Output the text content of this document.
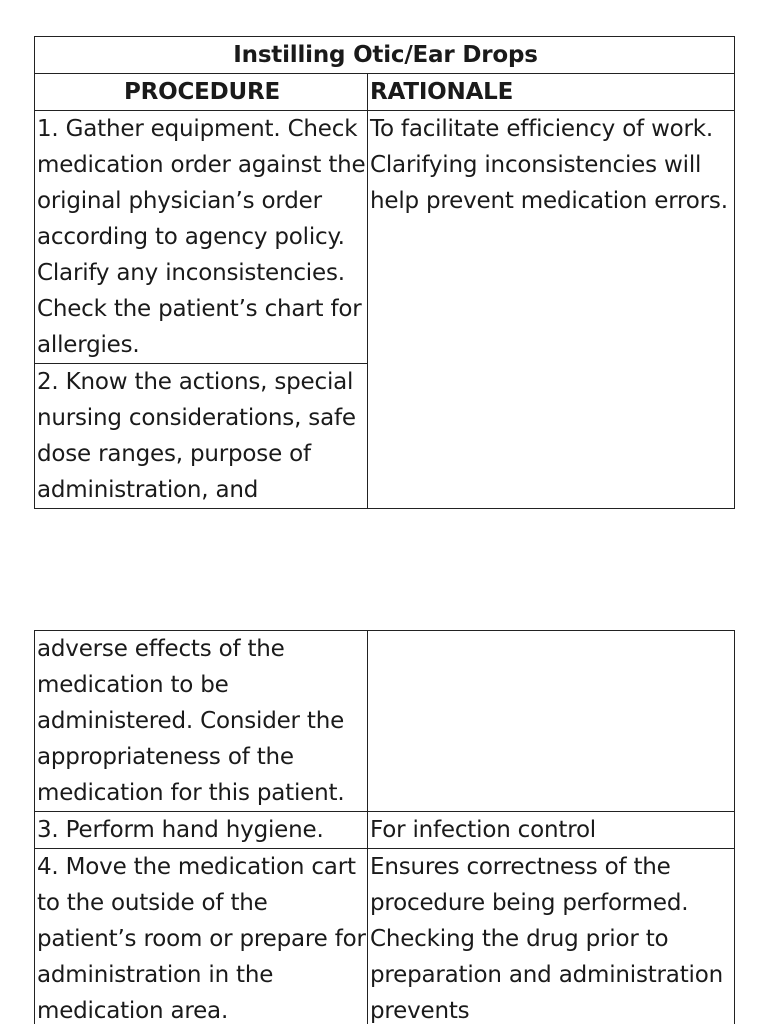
Instilling Otic/Ear Drops	
PROCEDURE	RATIONALE

1. Gather equipment. Check medication order against the original physician’s order according to agency policy. Clarify any inconsistencies. Check the patient’s chart for allergies.	To facilitate efficiency of work. Clarifying inconsistencies will help prevent medication errors.

2. Know the actions, special nursing considerations, safe dose ranges, purpose of administration, and	
adverse effects of the medication to be administered. Consider the appropriateness of the medication for this patient.	

3. Perform hand hygiene.	For infection control

4. Move the medication cart to the outside of the patient’s room or prepare for administration in the medication area.	Ensures correctness of the procedure being performed. Checking the drug prior to preparation and administration prevents
